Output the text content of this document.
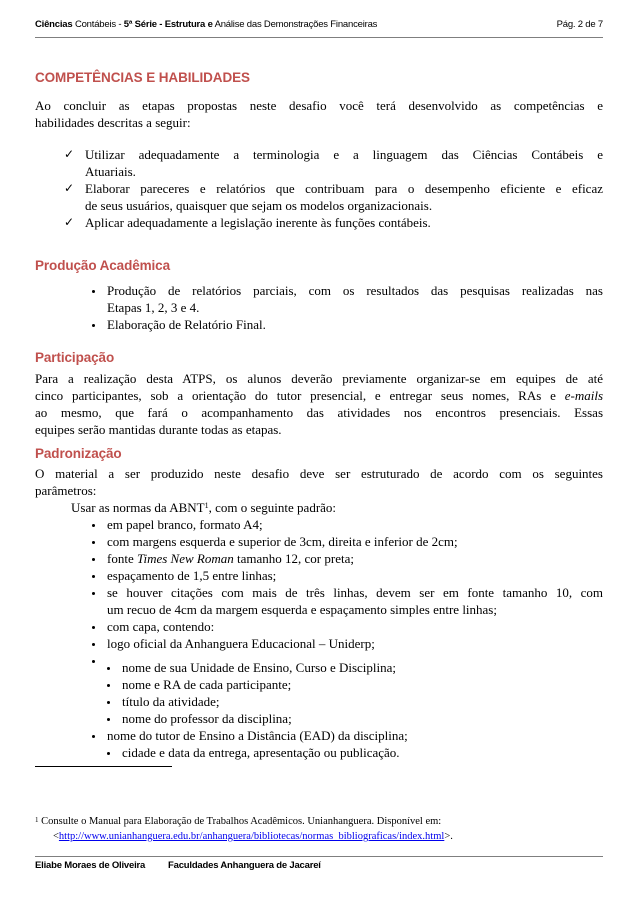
Ciências Contábeis - 5ª Série - Estrutura e Análise das Demonstrações Financeiras	Pág. 2 de 7
COMPETÊNCIAS E HABILIDADES
Ao concluir as etapas propostas neste desafio você terá desenvolvido as competências e
habilidades descritas a seguir:
✓ Utilizar adequadamente a terminologia e a linguagem das Ciências Contábeis e
Atuariais.
✓ Elaborar pareceres e relatórios que contribuam para o desempenho eficiente e eficaz
de seus usuários, quaisquer que sejam os modelos organizacionais.
✓ Aplicar adequadamente a legislação inerente às funções contábeis.
Produção Acadêmica
Produção de relatórios parciais, com os resultados das pesquisas realizadas nas
Etapas 1, 2, 3 e 4.
Elaboração de Relatório Final.
Participação
Para a realização desta ATPS, os alunos deverão previamente organizar-se em equipes de até
cinco participantes, sob a orientação do tutor presencial, e entregar seus nomes, RAs e e-mails
ao mesmo, que fará o acompanhamento das atividades nos encontros presenciais. Essas
equipes serão mantidas durante todas as etapas.
Padronização
O material a ser produzido neste desafio deve ser estruturado de acordo com os seguintes
parâmetros:
Usar as normas da ABNT$^1$, com o seguinte padrão:
em papel branco, formato A4;
com margens esquerda e superior de 3cm, direita e inferior de 2cm;
fonte Times New Roman tamanho 12, cor preta;
espaçamento de 1,5 entre linhas;
se houver citações com mais de três linhas, devem ser em fonte tamanho 10, com
um recuo de 4cm da margem esquerda e espaçamento simples entre linhas;
com capa, contendo:
logo oficial da Anhanguera Educacional – Uniderp;
nome de sua Unidade de Ensino, Curso e Disciplina;
nome e RA de cada participante;
título da atividade;
nome do professor da disciplina;
nome do tutor de Ensino a Distância (EAD) da disciplina;
cidade e data da entrega, apresentação ou publicação.
$^1$ Consulte o Manual para Elaboração de Trabalhos Acadêmicos. Unianhanguera. Disponível em:
<http://www.unianhanguera.edu.br/anhanguera/bibliotecas/normas_bibliograficas/index.html>.
Eliabe Moraes de Oliveira Faculdades Anhanguera de Jacareí
